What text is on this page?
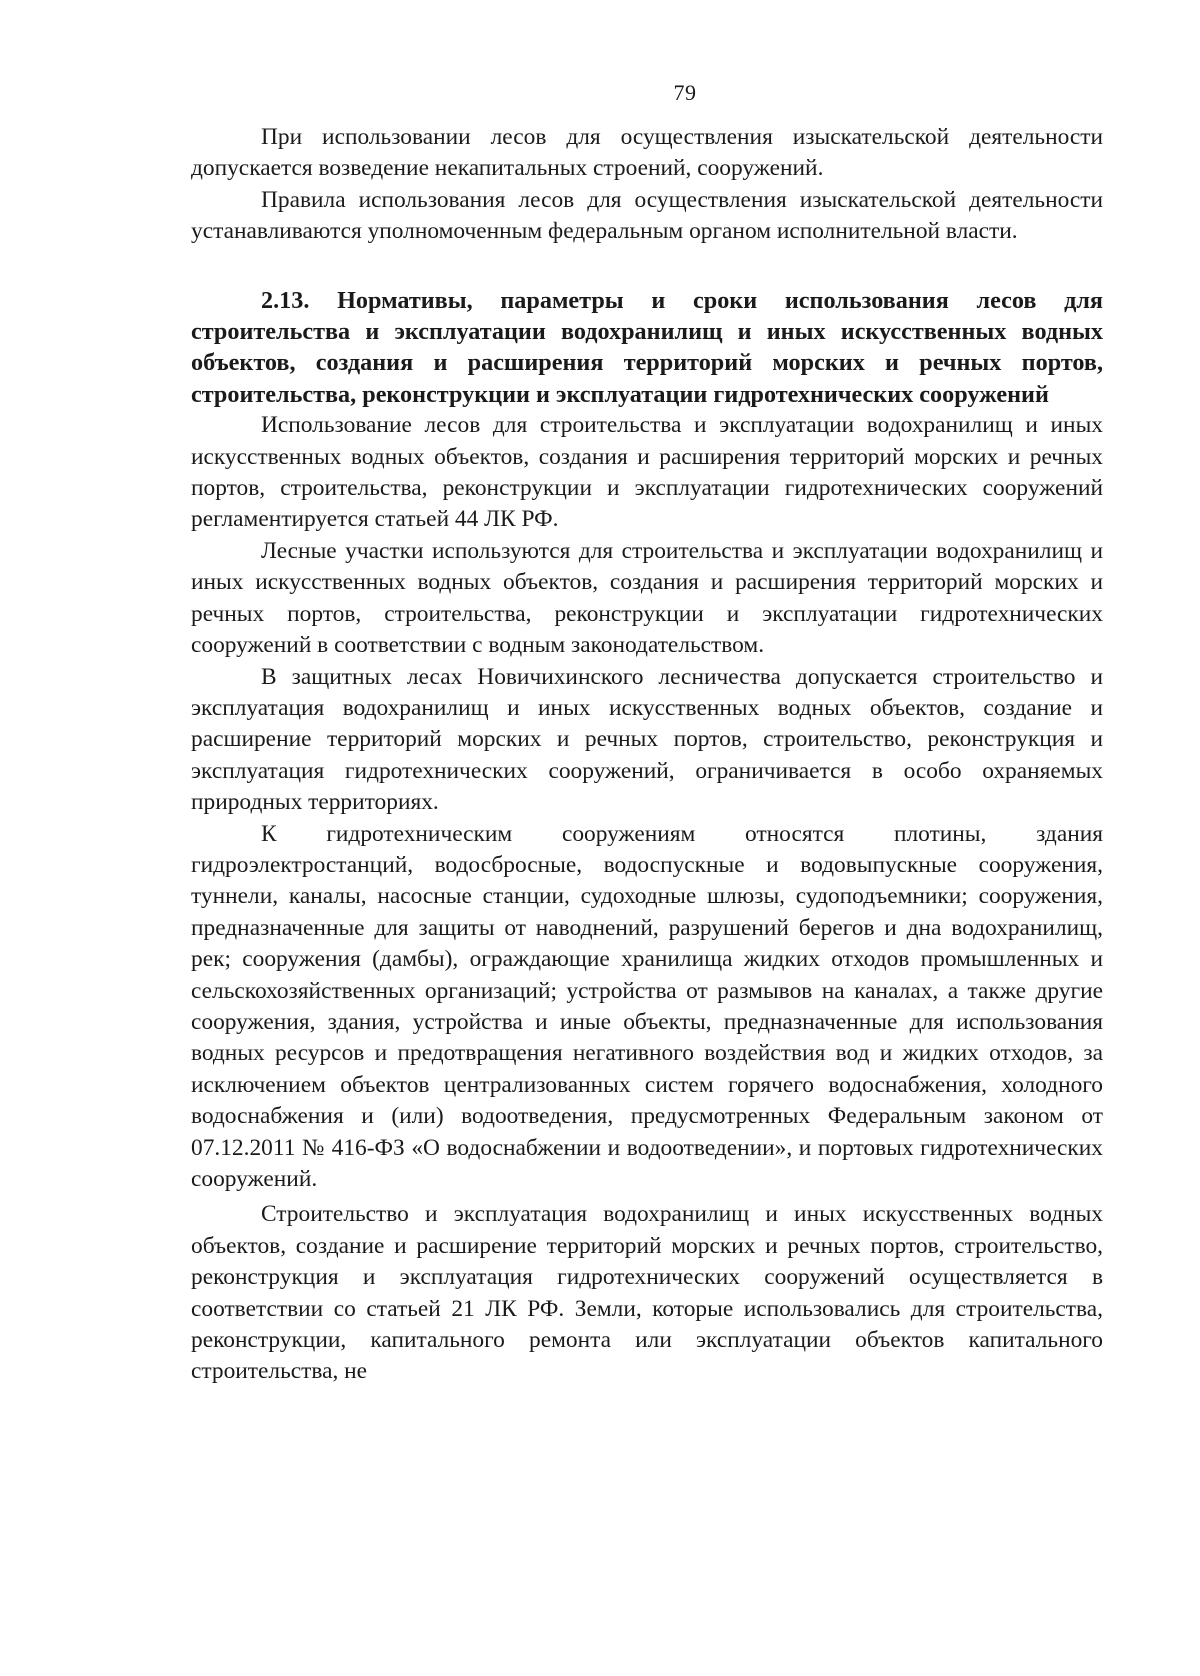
79

При использовании лесов для осуществления изыскательской деятельности допускается возведение некапитальных строений, сооружений.

Правила использования лесов для осуществления изыскательской деятельности устанавливаются уполномоченным федеральным органом исполнительной власти.

2.13. Нормативы, параметры и сроки использования лесов для строительства и эксплуатации водохранилищ и иных искусственных водных объектов, создания и расширения территорий морских и речных портов, строительства, реконструкции и эксплуатации гидротехнических сооружений

Использование лесов для строительства и эксплуатации водохранилищ и иных искусственных водных объектов, создания и расширения территорий морских и речных портов, строительства, реконструкции и эксплуатации гидротехнических сооружений регламентируется статьей 44 ЛК РФ.

Лесные участки используются для строительства и эксплуатации водохранилищ и иных искусственных водных объектов, создания и расширения территорий морских и речных портов, строительства, реконструкции и эксплуатации гидротехнических сооружений в соответствии с водным законодательством.

В защитных лесах Новичихинского лесничества допускается строительство и эксплуатация водохранилищ и иных искусственных водных объектов, создание и расширение территорий морских и речных портов, строительство, реконструкция и эксплуатация гидротехнических сооружений, ограничивается в особо охраняемых природных территориях.

К гидротехническим сооружениям относятся плотины, здания гидроэлектростанций, водосбросные, водоспускные и водовыпускные сооружения, туннели, каналы, насосные станции, судоходные шлюзы, судоподъемники; сооружения, предназначенные для защиты от наводнений, разрушений берегов и дна водохранилищ, рек; сооружения (дамбы), ограждающие хранилища жидких отходов промышленных и сельскохозяйственных организаций; устройства от размывов на каналах, а также другие сооружения, здания, устройства и иные объекты, предназначенные для использования водных ресурсов и предотвращения негативного воздействия вод и жидких отходов, за исключением объектов централизованных систем горячего водоснабжения, холодного водоснабжения и (или) водоотведения, предусмотренных Федеральным законом от 07.12.2011 № 416-ФЗ «О водоснабжении и водоотведении», и портовых гидротехнических сооружений.

Строительство и эксплуатация водохранилищ и иных искусственных водных объектов, создание и расширение территорий морских и речных портов, строительство, реконструкция и эксплуатация гидротехнических сооружений осуществляется в соответствии со статьей 21 ЛК РФ. Земли, которые использовались для строительства, реконструкции, капитального ремонта или эксплуатации объектов капитального строительства, не
